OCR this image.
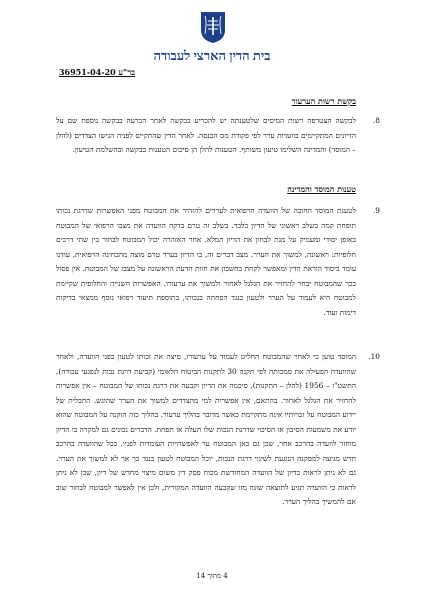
בית הדין הארצי לעבודה
בר"ע 36951-04-20
בקשת רשות הערעור
8.
לבקשה הצטרפה רשות המיסים שלטענתה יש להכריע בבקשה לאחר הכרעה בבקשה נוספת שם על הדיונים המתקיימים בוועדות ערר לפי פקודת מס הכנסה. לאחר הדין שהתקיים לפניה הגישו הצדדים (להלן – המוסד) והמדינה השלימו טיעון משותף. הטענות להלן הן סיכום הטענות בבקשה ובהשלמת הטיעון.
טענות המוסד והמדינה
9.
לטענת המוסד החובה של הוועדה הרפואית לעררים להזהיר את המבוטח מפני האפשרות שדרגת נכותו תופחת קמה בשלב ראשוני של הדיון בלבד. בשלב זה טרם בדקה הוועדה את מצבו הרפואי של המבוטח באופן יסודי ומעמיק על מנת לבחון את הדיון המלא. אחר האזהרה יכול המבוטח לבחור בין שתי דרכים חלופיות: ראשונה, למשוך את הערר. מצב דברים זה, בו הדיון בערר טרם מוצה מהבחינה הרפואית, עודנו עומד ביסוד הוראת הדין ומאפשר לקחת בחשבון את חוות הדעת הראשונה על מצבו של המבוטח. אין פסול בכך שהמבוטח יבחר להחזיר את הגלגל לאחור ולמשוך את ערעורו. האפשרות השנייה והחלופית שקיימת למבוטח היא לעמוד על הערר ולטעון כנגד הפחתה בנכותו, בתוספת תיעוד רפואי נוסף ממצאי בדיקות דימות ועוד.
10.
המוסד טוען כי לאחר שהמבוטח החליט לעמוד על ערעורו, מיצה את זכותו לטעון בפני הוועדה, ולאחר שהוועדה הפעילה את סמכותה לפי תקנה 30 לתקנות הביטוח הלאומי (קביעת דרגת נכות לנפגעי עבודה), התשט"ו – 1956 (להלן – התקנות), סיכמה את הדיון וקבעה את דרגת נכותו של המבוטח – אין אפשרות להחזיר את הגלגל לאחור. בהתאם, אין אפשרות למי מהצדדים למשוך את הערר שהוגש. התכלית של יידוע המבוטח על זכויותיו אינה מתקיימת כאשר מדובר בהליך ערעור. בהליך כזה הוקנה על המבוטח שהוא יודע את משמעות הסיכון או הסיכוי שדרגת הנכות שלו תעלה או תפחת. הדברים נכונים גם למקרה בו הדיון מוחזר לוועדה בהרכב אחר, שכן גם כאן המבוטח ער לאפשרויות העומדות לפניו. ככל שהוועדה בהרכב חדש מגיעה למסקנה הנוגעת לשינוי דרגת הנכות, יוכל המבוטח לטעון כנגד כך אך לא למשוך את הערר. גם לא ניתן לראות בדיון של הוועדה המחודשת מכוח פסק דין משום מיצוי מחדש של דיון, שכן לא ניתן לראות כי הוועדה תגיע לתוצאה שונה מזו שקבעה הוועדה המקורית, ולכן אין לאפשר למבוטח לבחור שוב אם להמשיך בהליך הערר.
4 מתוך 14
